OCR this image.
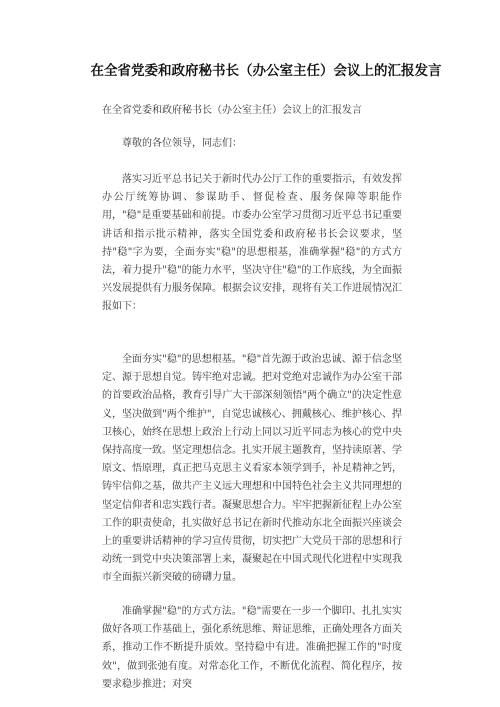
在全省党委和政府秘书长（办公室主任）会议上的汇报发言
在全省党委和政府秘书长（办公室主任）会议上的汇报发言

尊敬的各位领导，同志们：

落实习近平总书记关于新时代办公厅工作的重要指示，有效发挥办公厅统筹协调、参谋助手、督促检查、服务保障等职能作用，"稳"是重要基础和前提。市委办公室学习贯彻习近平总书记重要讲话和指示批示精神，落实全国党委和政府秘书长会议要求，坚持"稳"字为要，全面夯实"稳"的思想根基，准确掌握"稳"的方式方法，着力提升"稳"的能力水平，坚决守住"稳"的工作底线，为全面振兴发展提供有力服务保障。根据会议安排，现将有关工作进展情况汇报如下：

全面夯实"稳"的思想根基。"稳"首先源于政治忠诚、源于信念坚定、源于思想自觉。铸牢绝对忠诚。把对党绝对忠诚作为办公室干部的首要政治品格，教育引导广大干部深刻领悟"两个确立"的决定性意义，坚决做到"两个维护"，自觉忠诚核心、拥戴核心、维护核心、捍卫核心，始终在思想上政治上行动上同以习近平同志为核心的党中央保持高度一致。坚定理想信念。扎实开展主题教育，坚持读原著、学原文、悟原理，真正把马克思主义看家本领学到手，补足精神之钙，铸牢信仰之基，做共产主义远大理想和中国特色社会主义共同理想的坚定信仰者和忠实践行者。凝聚思想合力。牢牢把握新征程上办公室工作的职责使命，扎实做好总书记在新时代推动东北全面振兴座谈会上的重要讲话精神的学习宣传贯彻，切实把广大党员干部的思想和行动统一到党中央决策部署上来，凝聚起在中国式现代化进程中实现我市全面振兴新突破的磅礴力量。

准确掌握"稳"的方式方法。"稳"需要在一步一个脚印、扎扎实实做好各项工作基础上，强化系统思维、辩证思维，正确处理各方面关系，推动工作不断提升质效。坚持稳中有进。准确把握工作的"时度效"，做到张弛有度。对常态化工作，不断优化流程、简化程序，按要求稳步推进；对突
